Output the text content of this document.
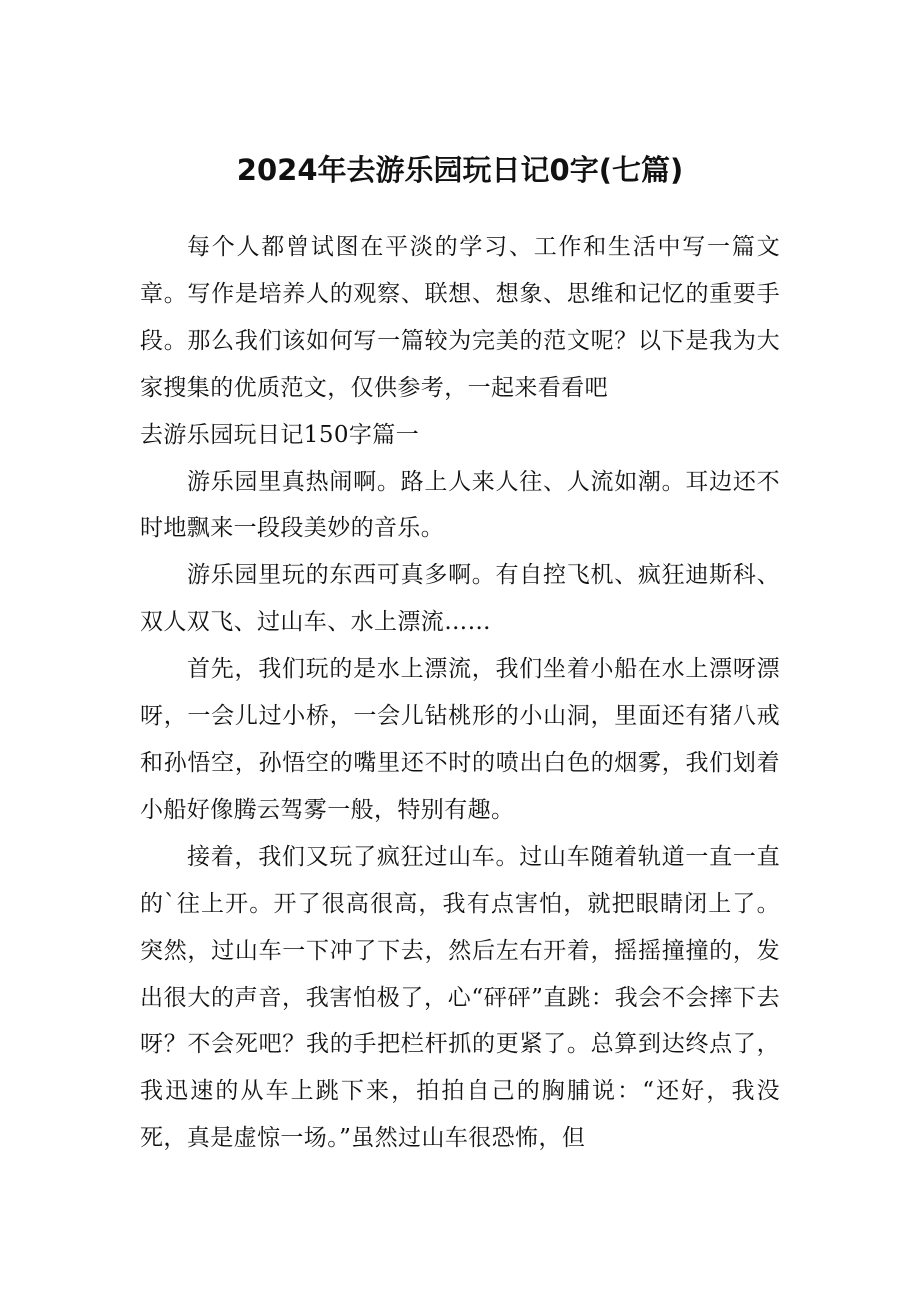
2024年去游乐园玩日记0字(七篇)

每个人都曾试图在平淡的学习、工作和生活中写一篇文章。写作是培养人的观察、联想、想象、思维和记忆的重要手段。那么我们该如何写一篇较为完美的范文呢？以下是我为大家搜集的优质范文，仅供参考，一起来看看吧

去游乐园玩日记150字篇一

游乐园里真热闹啊。路上人来人往、人流如潮。耳边还不时地飘来一段段美妙的音乐。

游乐园里玩的东西可真多啊。有自控飞机、疯狂迪斯科、双人双飞、过山车、水上漂流……

首先，我们玩的是水上漂流，我们坐着小船在水上漂呀漂呀，一会儿过小桥，一会儿钻桃形的小山洞，里面还有猪八戒和孙悟空，孙悟空的嘴里还不时的喷出白色的烟雾，我们划着小船好像腾云驾雾一般，特别有趣。

接着，我们又玩了疯狂过山车。过山车随着轨道一直一直的`往上开。开了很高很高，我有点害怕，就把眼睛闭上了。突然，过山车一下冲了下去，然后左右开着，摇摇撞撞的，发出很大的声音，我害怕极了，心“砰砰”直跳：我会不会摔下去呀？不会死吧？我的手把栏杆抓的更紧了。总算到达终点了，我迅速的从车上跳下来，拍拍自己的胸脯说：“还好，我没死，真是虚惊一场。”虽然过山车很恐怖，但
